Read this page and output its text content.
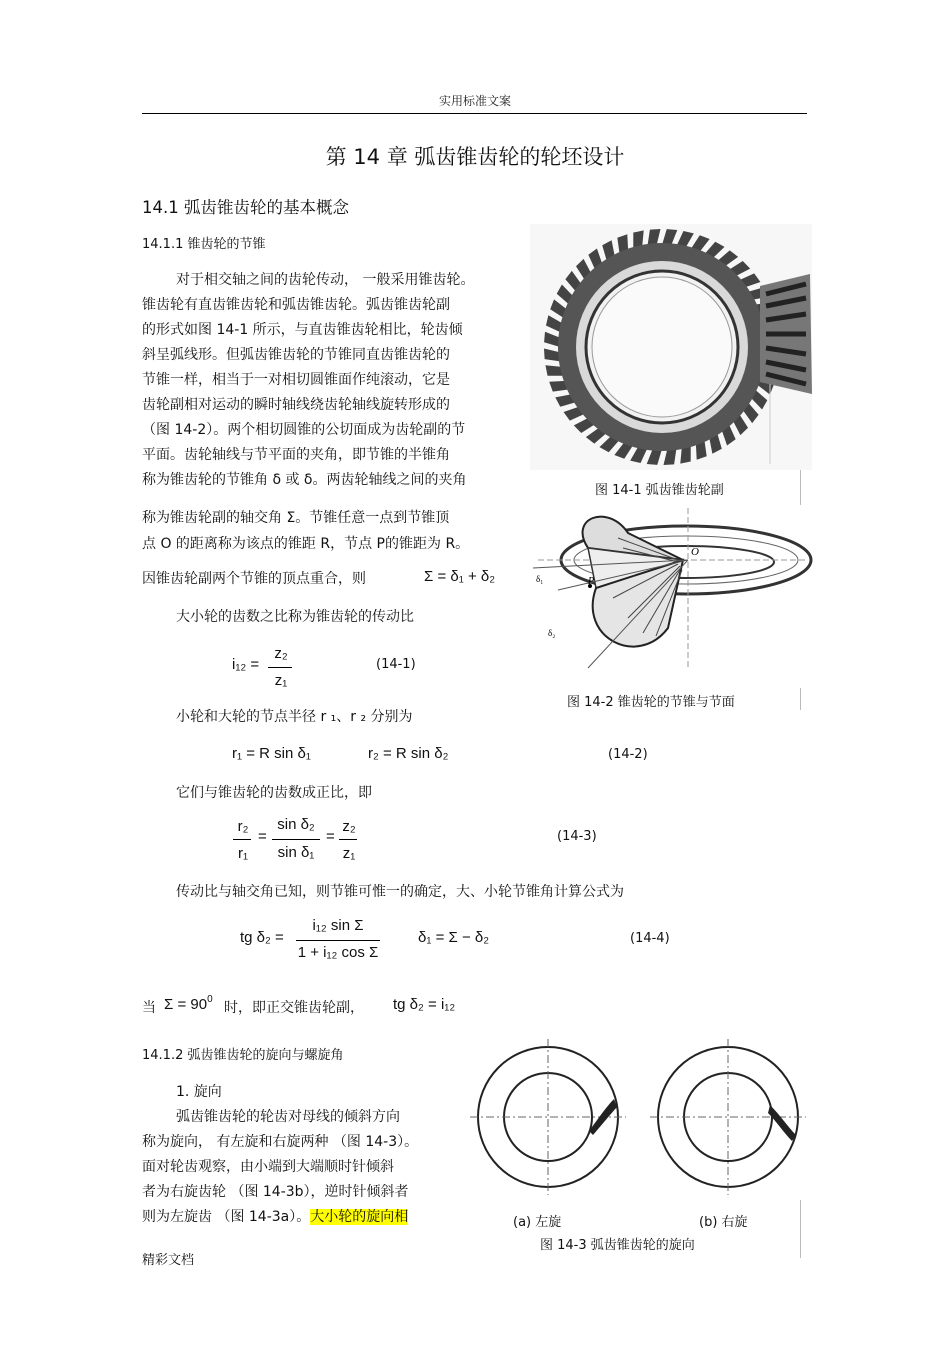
实用标准文案
第 14 章 弧齿锥齿轮的轮坯设计
14.1 弧齿锥齿轮的基本概念
14.1.1 锥齿轮的节锥
对于相交轴之间的齿轮传动， 一般采用锥齿轮。
锥齿轮有直齿锥齿轮和弧齿锥齿轮。弧齿锥齿轮副
的形式如图 14-1 所示，与直齿锥齿轮相比，轮齿倾
斜呈弧线形。但弧齿锥齿轮的节锥同直齿锥齿轮的
节锥一样，相当于一对相切圆锥面作纯滚动，它是
齿轮副相对运动的瞬时轴线绕齿轮轴线旋转形成的
（图 14-2）。两个相切圆锥的公切面成为齿轮副的节
平面。齿轮轴线与节平面的夹角，即节锥的半锥角
称为锥齿轮的节锥角 δ 或 δ。两齿轮轴线之间的夹角
称为锥齿轮副的轴交角 Σ。节锥任意一点到节锥顶
点 O 的距离称为该点的锥距 R，节点 P的锥距为 R。
因锥齿轮副两个节锥的顶点重合，则	Σ = δ₁ + δ₂
大小轮的齿数之比称为锥齿轮的传动比
i₁₂ =
z₂
z₁
(14-1)
小轮和大轮的节点半径 r ₁、r ₂ 分别为
r₁ = R sin δ₁	r₂ = R sin δ₂	(14-2)
它们与锥齿轮的齿数成正比，即
r₂
r₁
=
sin δ₂
sin δ₁
=
z₂
z₁
(14-3)
传动比与轴交角已知，则节锥可惟一的确定，大、小轮节锥角计算公式为
tg δ₂ =
i₁₂ sin Σ
1 + i₁₂ cos Σ
δ₁ = Σ − δ₂	(14-4)
当 $\Sigma = 90^0$
时，即正交锥齿轮副， tg δ₂ = i₁₂
14.1.2 弧齿锥齿轮的旋向与螺旋角
1. 旋向
弧齿锥齿轮的轮齿对母线的倾斜方向
称为旋向， 有左旋和右旋两种 （图 14-3）。
面对轮齿观察，由小端到大端顺时针倾斜
者为右旋齿轮 （图 14-3b），逆时针倾斜者
则为左旋齿 （图 14-3a）。大小轮的旋向相
精彩文档
图 14-1 弧齿锥齿轮副
O
P
δ₁
δ₂
图 14-2 锥齿轮的节锥与节面
(a) 左旋	(b) 右旋
图 14-3 弧齿锥齿轮的旋向
